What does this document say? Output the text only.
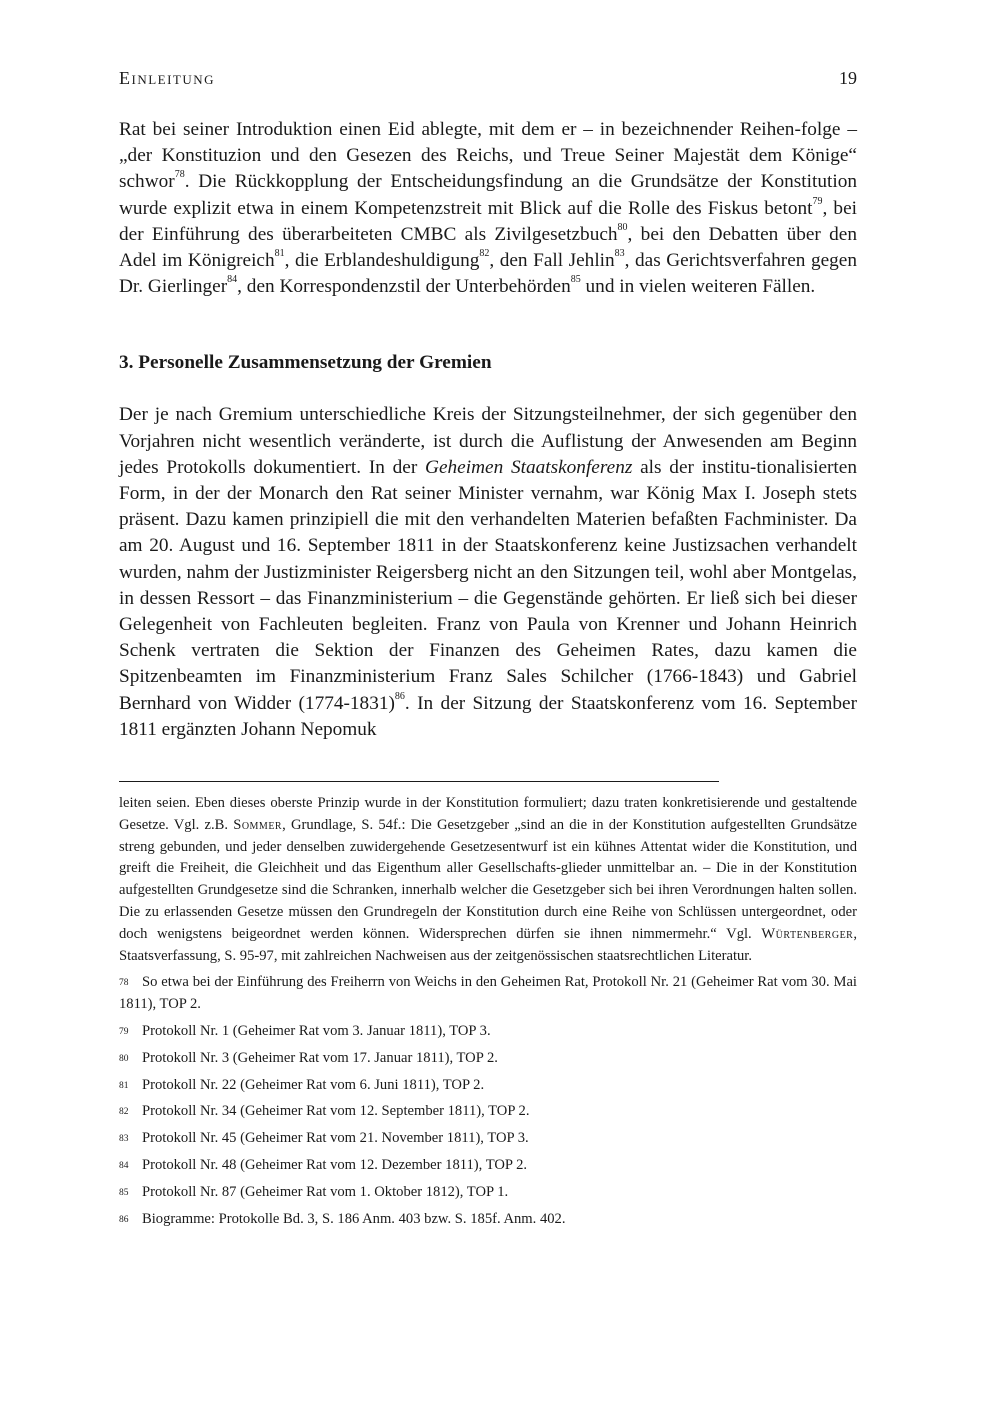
Einleitung	19

Rat bei seiner Introduktion einen Eid ablegte, mit dem er – in bezeichnender Reihen-folge – „der Konstituzion und den Gesezen des Reichs, und Treue Seiner Majestät dem Könige“ schwor$^{78}$. Die Rückkopplung der Entscheidungsfindung an die Grundsätze der Konstitution wurde explizit etwa in einem Kompetenzstreit mit Blick auf die Rolle des Fiskus betont$^{79}$, bei der Einführung des überarbeiteten CMBC als Zivilgesetzbuch$^{80}$, bei den Debatten über den Adel im Königreich$^{81}$, die Erblandeshuldigung$^{82}$, den Fall Jehlin$^{83}$, das Gerichtsverfahren gegen Dr. Gierlinger$^{84}$, den Korrespondenzstil der Unterbehörden$^{85}$ und in vielen weiteren Fällen.

3. Personelle Zusammensetzung der Gremien

Der je nach Gremium unterschiedliche Kreis der Sitzungsteilnehmer, der sich gegenüber den Vorjahren nicht wesentlich veränderte, ist durch die Auflistung der Anwesenden am Beginn jedes Protokolls dokumentiert. In der Geheimen Staatskonferenz als der institu-tionalisierten Form, in der der Monarch den Rat seiner Minister vernahm, war König Max I. Joseph stets präsent. Dazu kamen prinzipiell die mit den verhandelten Materien befaßten Fachminister. Da am 20. August und 16. September 1811 in der Staatskonferenz keine Justizsachen verhandelt wurden, nahm der Justizminister Reigersberg nicht an den Sitzungen teil, wohl aber Montgelas, in dessen Ressort – das Finanzministerium – die Gegenstände gehörten. Er ließ sich bei dieser Gelegenheit von Fachleuten begleiten. Franz von Paula von Krenner und Johann Heinrich Schenk vertraten die Sektion der Finanzen des Geheimen Rates, dazu kamen die Spitzenbeamten im Finanzministerium Franz Sales Schilcher (1766-1843) und Gabriel Bernhard von Widder (1774-1831)$^{86}$. In der Sitzung der Staatskonferenz vom 16. September 1811 ergänzten Johann Nepomuk

leiten seien. Eben dieses oberste Prinzip wurde in der Konstitution formuliert; dazu traten konkretisierende und gestaltende Gesetze. Vgl. z.B. Sommer, Grundlage, S. 54f.: Die Gesetzgeber „sind an die in der Konstitution aufgestellten Grundsätze streng gebunden, und jeder denselben zuwidergehende Gesetzesentwurf ist ein kühnes Attentat wider die Konstitution, und greift die Freiheit, die Gleichheit und das Eigenthum aller Gesellschafts-glieder unmittelbar an. – Die in der Konstitution aufgestellten Grundgesetze sind die Schranken, innerhalb welcher die Gesetzgeber sich bei ihren Verordnungen halten sollen. Die zu erlassenden Gesetze müssen den Grundregeln der Konstitution durch eine Reihe von Schlüssen untergeordnet, oder doch wenigstens beigeordnet werden können. Widersprechen dürfen sie ihnen nimmermehr.“ Vgl. Würtenberger, Staatsverfassung, S. 95-97, mit zahlreichen Nachweisen aus der zeitgenössischen staatsrechtlichen Literatur.

78 So etwa bei der Einführung des Freiherrn von Weichs in den Geheimen Rat, Protokoll Nr. 21 (Geheimer Rat vom 30. Mai 1811), TOP 2.

79 Protokoll Nr. 1 (Geheimer Rat vom 3. Januar 1811), TOP 3.

80 Protokoll Nr. 3 (Geheimer Rat vom 17. Januar 1811), TOP 2.

81 Protokoll Nr. 22 (Geheimer Rat vom 6. Juni 1811), TOP 2.

82 Protokoll Nr. 34 (Geheimer Rat vom 12. September 1811), TOP 2.

83 Protokoll Nr. 45 (Geheimer Rat vom 21. November 1811), TOP 3.

84 Protokoll Nr. 48 (Geheimer Rat vom 12. Dezember 1811), TOP 2.

85 Protokoll Nr. 87 (Geheimer Rat vom 1. Oktober 1812), TOP 1.

86 Biogramme: Protokolle Bd. 3, S. 186 Anm. 403 bzw. S. 185f. Anm. 402.
